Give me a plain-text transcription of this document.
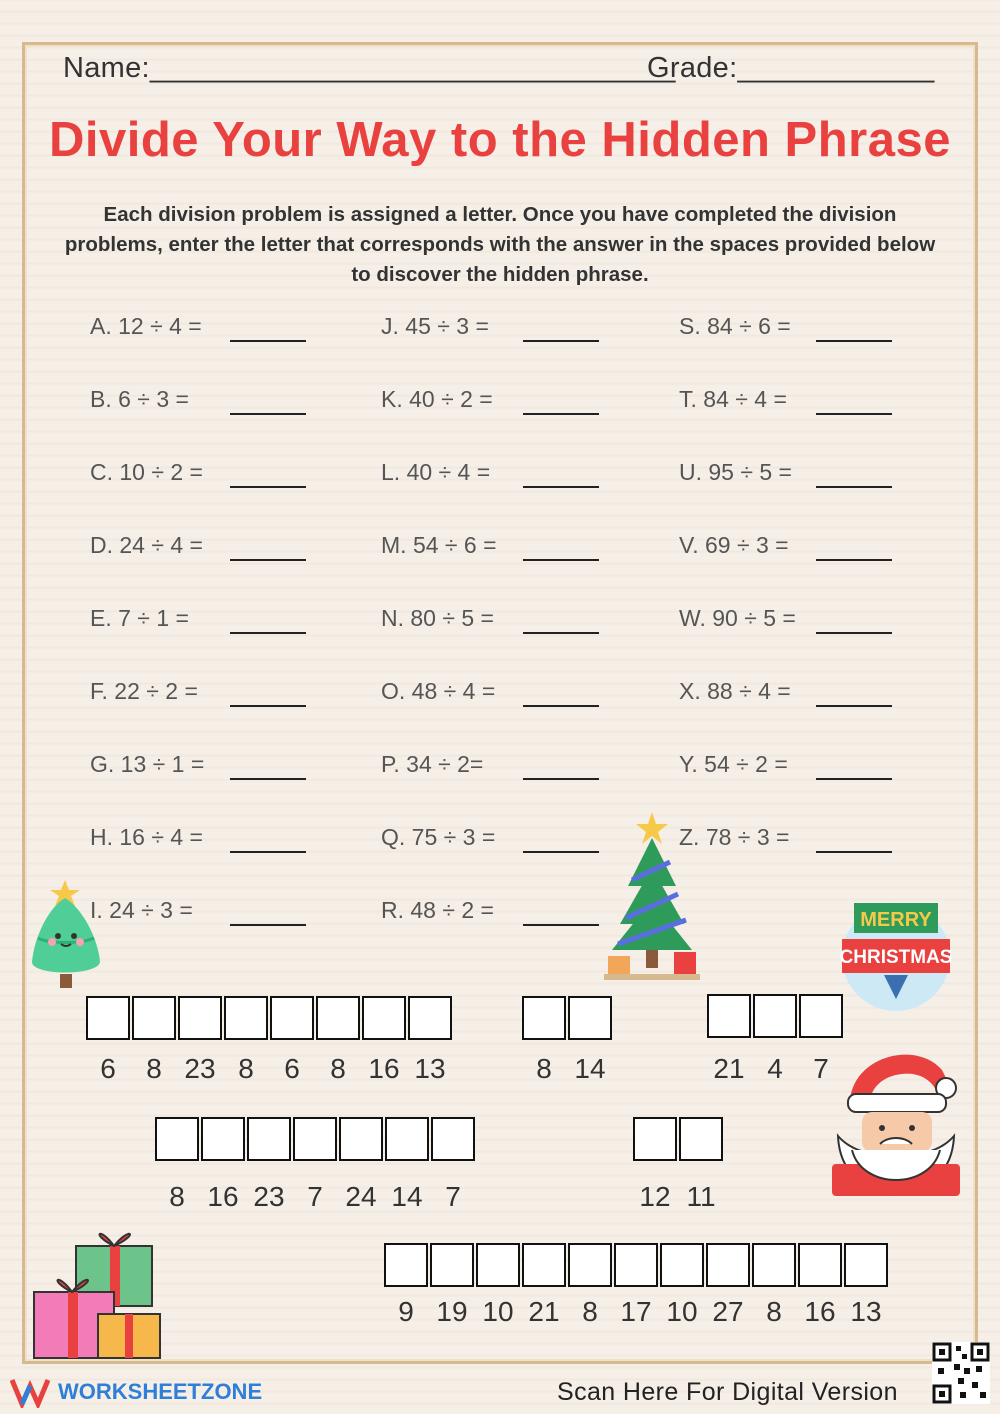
Name:________________________________
Grade:____________
Divide Your Way to the Hidden Phrase
Each division problem is assigned a letter. Once you have completed the division problems, enter the letter that corresponds with the answer in the spaces provided below to discover the hidden phrase.
A. 12 ÷ 4 =
B. 6 ÷ 3 =
C. 10 ÷ 2 =
D. 24 ÷ 4 =
E. 7 ÷ 1 =
F. 22 ÷ 2 =
G. 13 ÷ 1 =
H. 16 ÷ 4 =
I. 24 ÷ 3 =
J. 45 ÷ 3 =
K. 40 ÷ 2 =
L. 40 ÷ 4 =
M. 54 ÷ 6 =
N. 80 ÷ 5 =
O. 48 ÷ 4 =
P. 34 ÷ 2=
Q. 75 ÷ 3 =
R. 48 ÷ 2 =
S. 84 ÷ 6 =
T. 84 ÷ 4 =
U. 95 ÷ 5 =
V. 69 ÷ 3 =
W. 90 ÷ 5 =
X. 88 ÷ 4 =
Y. 54 ÷ 2 =
Z. 78 ÷ 3 =
6	8 23 8	6	8 16 13	8 14	21 4	7
8 16 23 7 24 14 7	12 11
9 19 10 21 8 17 10 27 8 16 13
MERRY
CHRISTMAS
WORKSHEETZONE	Scan Here For Digital Version
